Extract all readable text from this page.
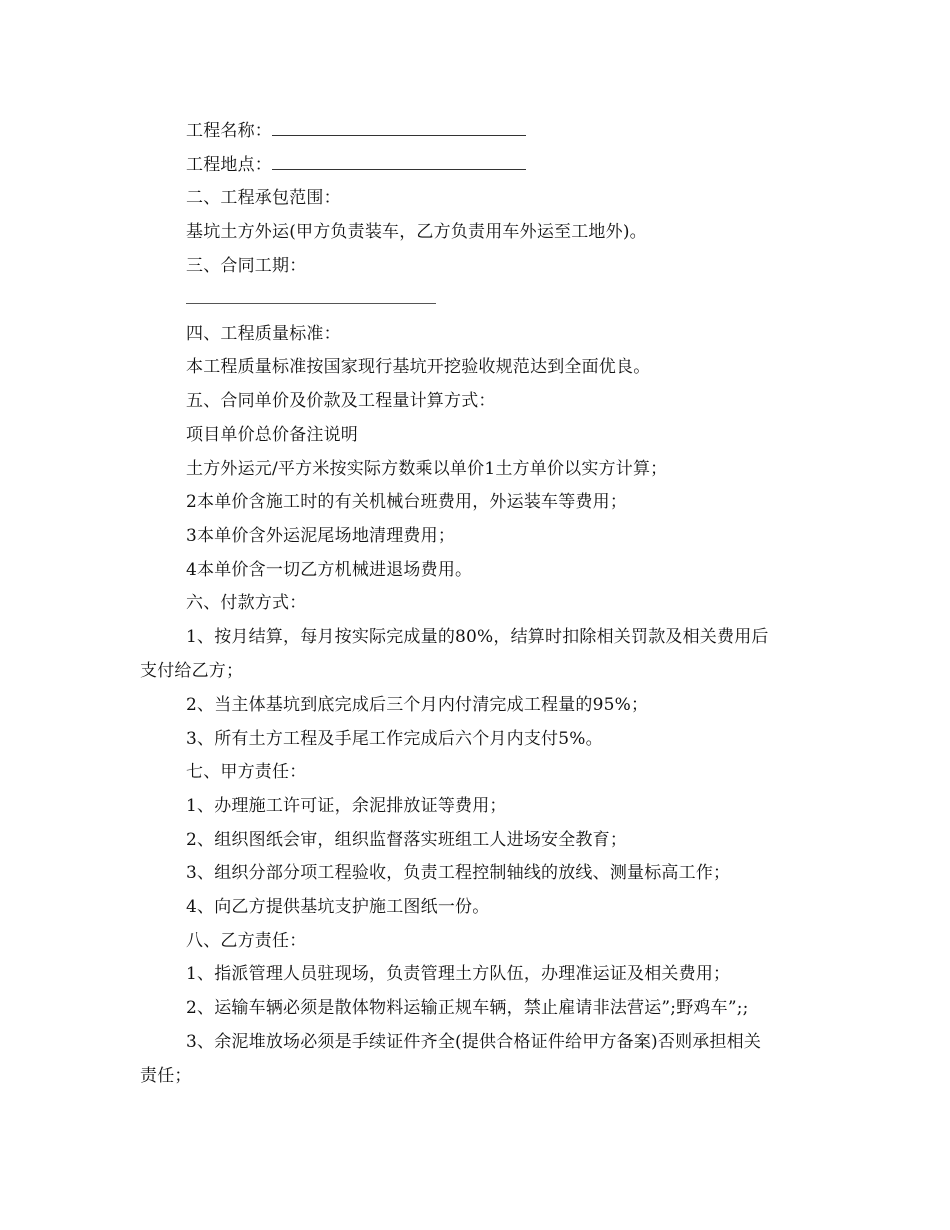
工程名称：
工程地点：
二、工程承包范围：
基坑土方外运(甲方负责装车，乙方负责用车外运至工地外)。
三、合同工期：
四、工程质量标准：
本工程质量标准按国家现行基坑开挖验收规范达到全面优良。
五、合同单价及价款及工程量计算方式：
项目单价总价备注说明
土方外运元/平方米按实际方数乘以单价1土方单价以实方计算；
2本单价含施工时的有关机械台班费用，外运装车等费用；
3本单价含外运泥尾场地清理费用；
4本单价含一切乙方机械进退场费用。
六、付款方式：
1、按月结算，每月按实际完成量的80%，结算时扣除相关罚款及相关费用后
支付给乙方；
2、当主体基坑到底完成后三个月内付清完成工程量的95%；
3、所有土方工程及手尾工作完成后六个月内支付5%。
七、甲方责任：
1、办理施工许可证，余泥排放证等费用；
2、组织图纸会审，组织监督落实班组工人进场安全教育；
3、组织分部分项工程验收，负责工程控制轴线的放线、测量标高工作；
4、向乙方提供基坑支护施工图纸一份。
八、乙方责任：
1、指派管理人员驻现场，负责管理土方队伍，办理准运证及相关费用；
2、运输车辆必须是散体物料运输正规车辆，禁止雇请非法营运”;野鸡车”;;
3、余泥堆放场必须是手续证件齐全(提供合格证件给甲方备案)否则承担相关
责任；
